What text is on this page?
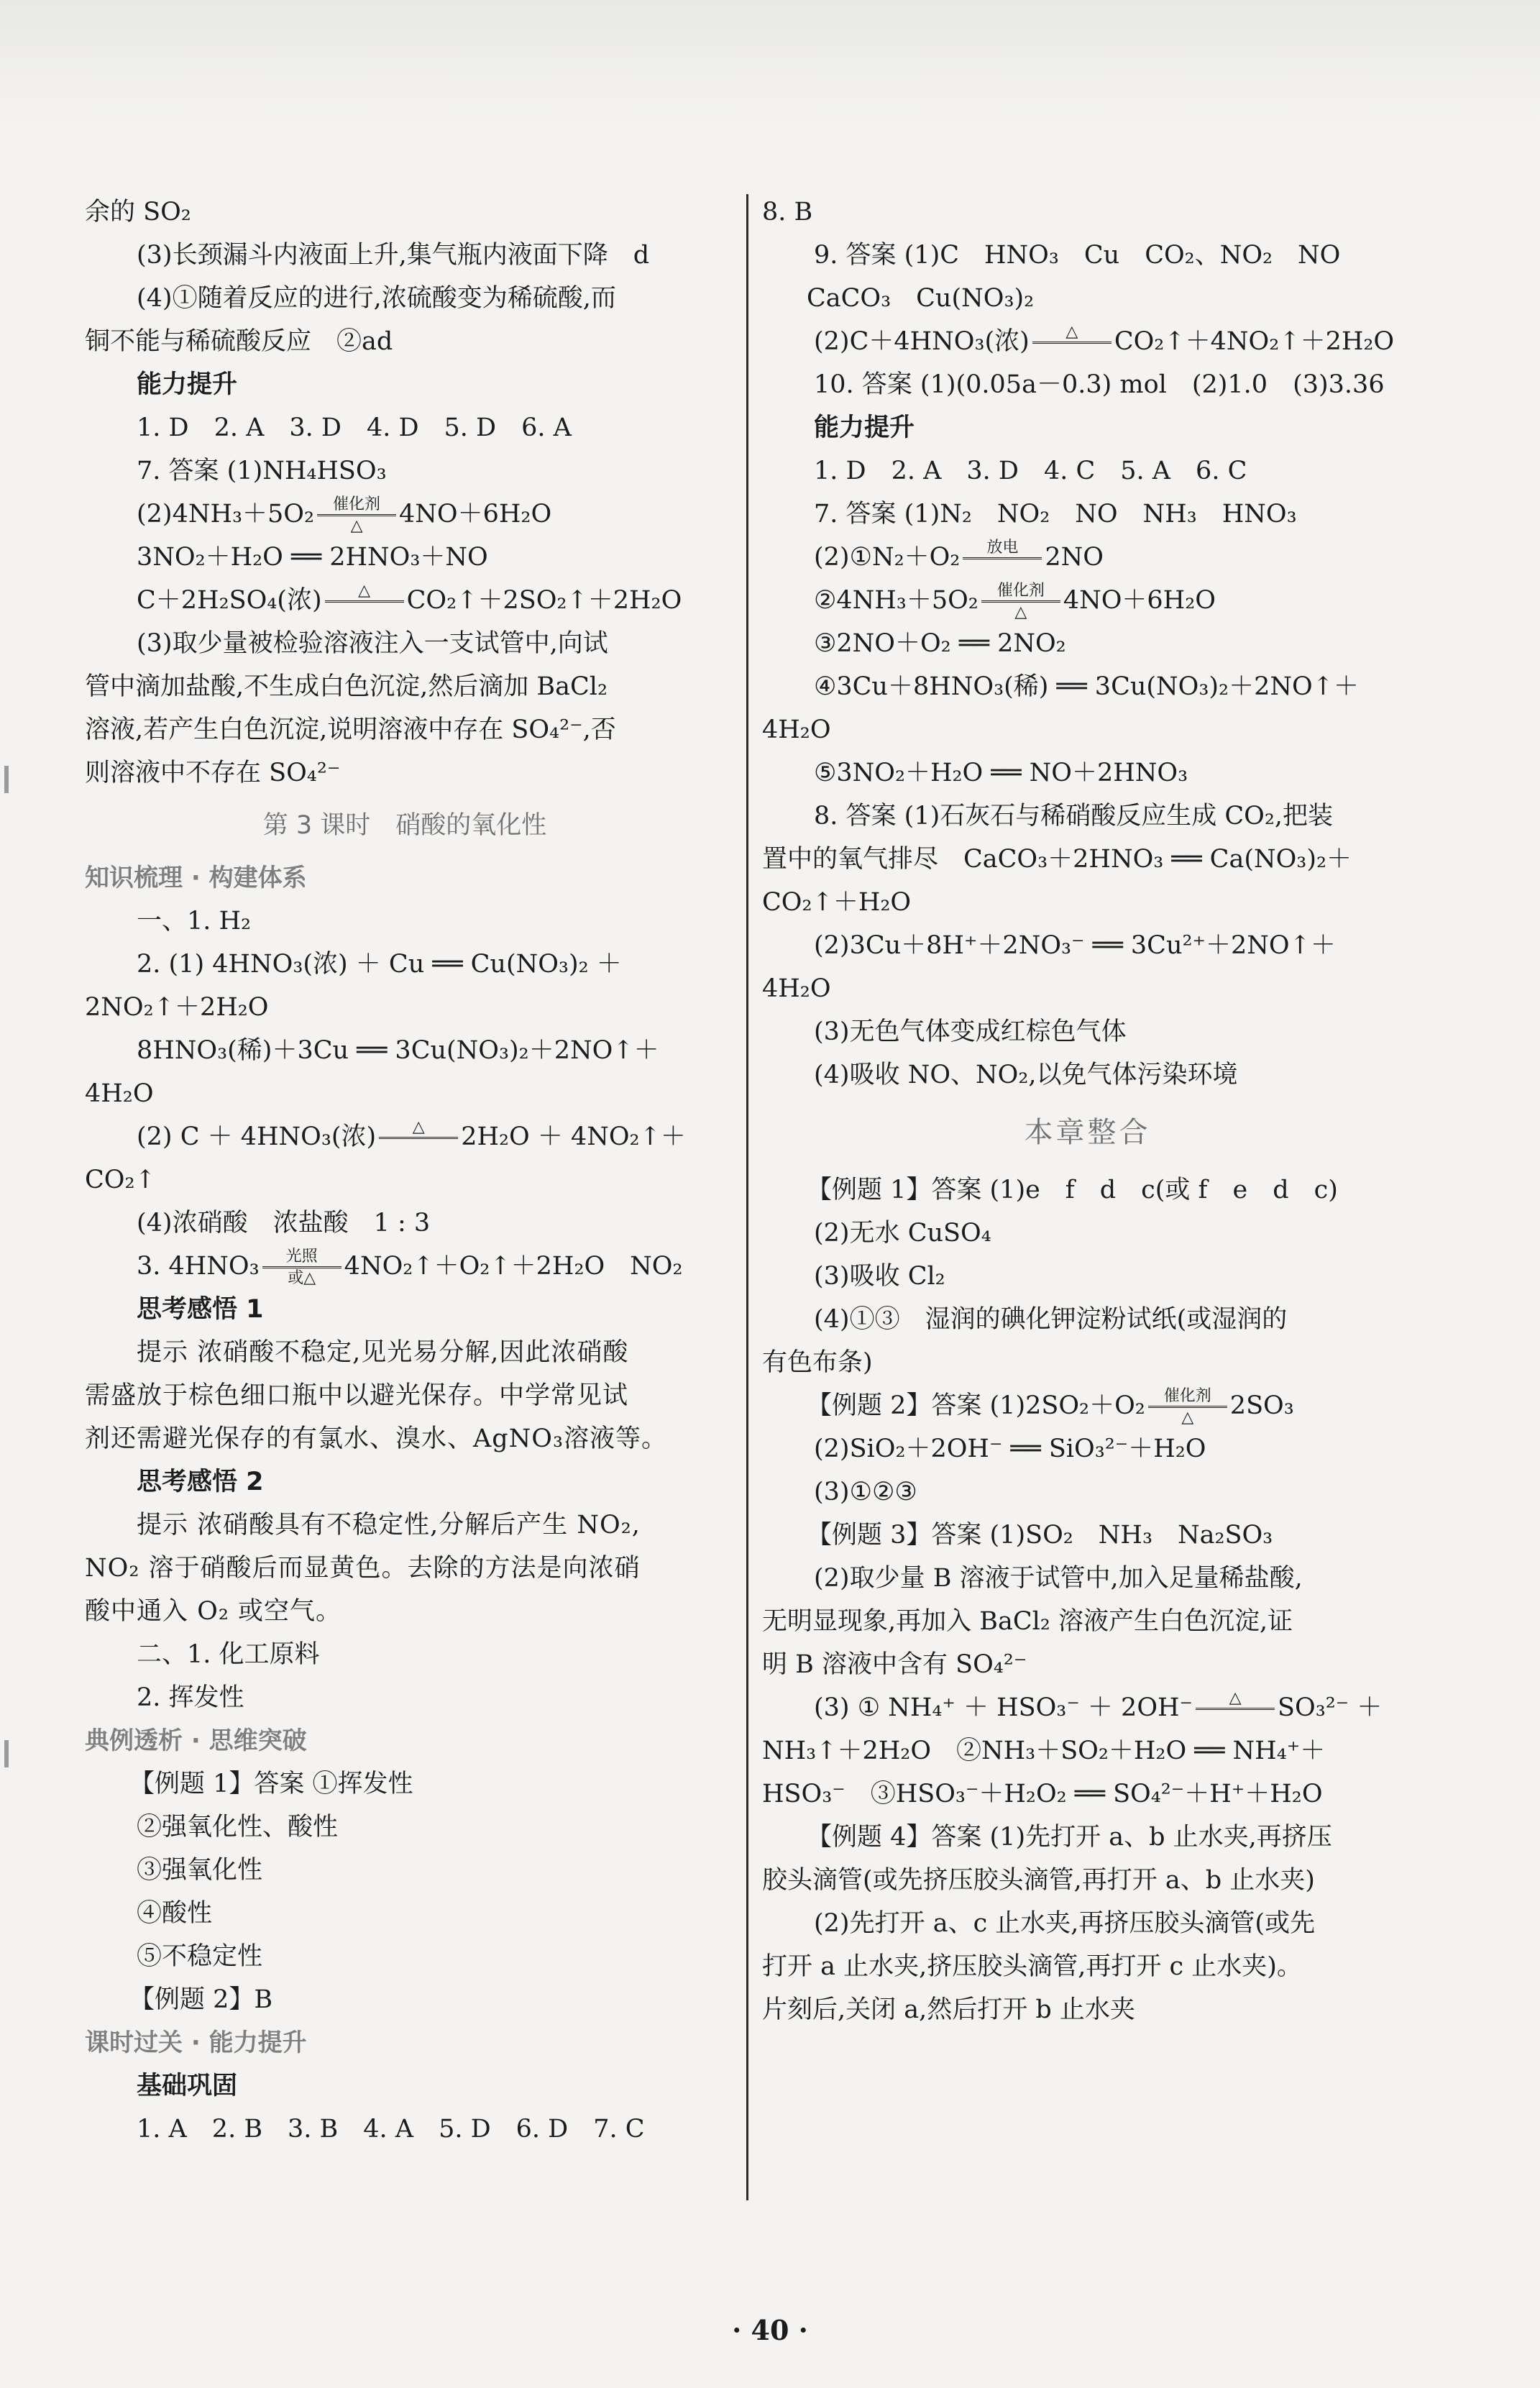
余的 SO₂
(3)长颈漏斗内液面上升,集气瓶内液面下降　d
(4)①随着反应的进行,浓硫酸变为稀硫酸,而
铜不能与稀硫酸反应　②ad
能力提升
1. D　2. A　3. D　4. D　5. D　6. A
7. 答案 (1)NH₄HSO₃
(2)4NH₃＋5O₂	催化剂
△	4NO＋6H₂O
3NO₂＋H₂O ══ 2HNO₃＋NO
C＋2H₂SO₄(浓)	△
	CO₂↑＋2SO₂↑＋2H₂O
(3)取少量被检验溶液注入一支试管中,向试
管中滴加盐酸,不生成白色沉淀,然后滴加 BaCl₂
溶液,若产生白色沉淀,说明溶液中存在 SO₄²⁻,否
则溶液中不存在 SO₄²⁻
第 3 课时　硝酸的氧化性
知识梳理 · 构建体系
一、1. H₂
2. (1) 4HNO₃(浓) ＋ Cu ══ Cu(NO₃)₂ ＋
2NO₂↑＋2H₂O
8HNO₃(稀)＋3Cu ══ 3Cu(NO₃)₂＋2NO↑＋
4H₂O
(2) C ＋ 4HNO₃(浓)	△
	2H₂O ＋ 4NO₂↑＋
CO₂↑
(4)浓硝酸　浓盐酸　1 : 3
3. 4HNO₃	光照
或△	4NO₂↑＋O₂↑＋2H₂O　NO₂
思考感悟 1
提示 浓硝酸不稳定,见光易分解,因此浓硝酸
需盛放于棕色细口瓶中以避光保存。中学常见试
剂还需避光保存的有氯水、溴水、AgNO₃溶液等。
思考感悟 2
提示 浓硝酸具有不稳定性,分解后产生 NO₂,
NO₂ 溶于硝酸后而显黄色。去除的方法是向浓硝
酸中通入 O₂ 或空气。
二、1. 化工原料
2. 挥发性
典例透析 · 思维突破
【例题 1】答案 ①挥发性
②强氧化性、酸性
③强氧化性
④酸性
⑤不稳定性
【例题 2】B
课时过关 · 能力提升
基础巩固
1. A　2. B　3. B　4. A　5. D　6. D　7. C
8. B
9. 答案 (1)C　HNO₃　Cu　CO₂、NO₂　NO
CaCO₃　Cu(NO₃)₂
(2)C＋4HNO₃(浓)	△
	CO₂↑＋4NO₂↑＋2H₂O
10. 答案 (1)(0.05a－0.3) mol　(2)1.0　(3)3.36
能力提升
1. D　2. A　3. D　4. C　5. A　6. C
7. 答案 (1)N₂　NO₂　NO　NH₃　HNO₃
(2)①N₂＋O₂	放电
	2NO
②4NH₃＋5O₂	催化剂
△	4NO＋6H₂O
③2NO＋O₂ ══ 2NO₂
④3Cu＋8HNO₃(稀) ══ 3Cu(NO₃)₂＋2NO↑＋
4H₂O
⑤3NO₂＋H₂O ══ NO＋2HNO₃
8. 答案 (1)石灰石与稀硝酸反应生成 CO₂,把装
置中的氧气排尽　CaCO₃＋2HNO₃ ══ Ca(NO₃)₂＋
CO₂↑＋H₂O
(2)3Cu＋8H⁺＋2NO₃⁻ ══ 3Cu²⁺＋2NO↑＋
4H₂O
(3)无色气体变成红棕色气体
(4)吸收 NO、NO₂,以免气体污染环境
本章整合
【例题 1】答案 (1)e　f　d　c(或 f　e　d　c)
(2)无水 CuSO₄
(3)吸收 Cl₂
(4)①③　湿润的碘化钾淀粉试纸(或湿润的
有色布条)
【例题 2】答案 (1)2SO₂＋O₂	催化剂
△	2SO₃
(2)SiO₂＋2OH⁻ ══ SiO₃²⁻＋H₂O
(3)①②③
【例题 3】答案 (1)SO₂　NH₃　Na₂SO₃
(2)取少量 B 溶液于试管中,加入足量稀盐酸,
无明显现象,再加入 BaCl₂ 溶液产生白色沉淀,证
明 B 溶液中含有 SO₄²⁻
(3) ① NH₄⁺ ＋ HSO₃⁻ ＋ 2OH⁻	△
	SO₃²⁻ ＋
NH₃↑＋2H₂O　②NH₃＋SO₂＋H₂O ══ NH₄⁺＋
HSO₃⁻　③HSO₃⁻＋H₂O₂ ══ SO₄²⁻＋H⁺＋H₂O
【例题 4】答案 (1)先打开 a、b 止水夹,再挤压
胶头滴管(或先挤压胶头滴管,再打开 a、b 止水夹)
(2)先打开 a、c 止水夹,再挤压胶头滴管(或先
打开 a 止水夹,挤压胶头滴管,再打开 c 止水夹)。
片刻后,关闭 a,然后打开 b 止水夹
· 40 ·
